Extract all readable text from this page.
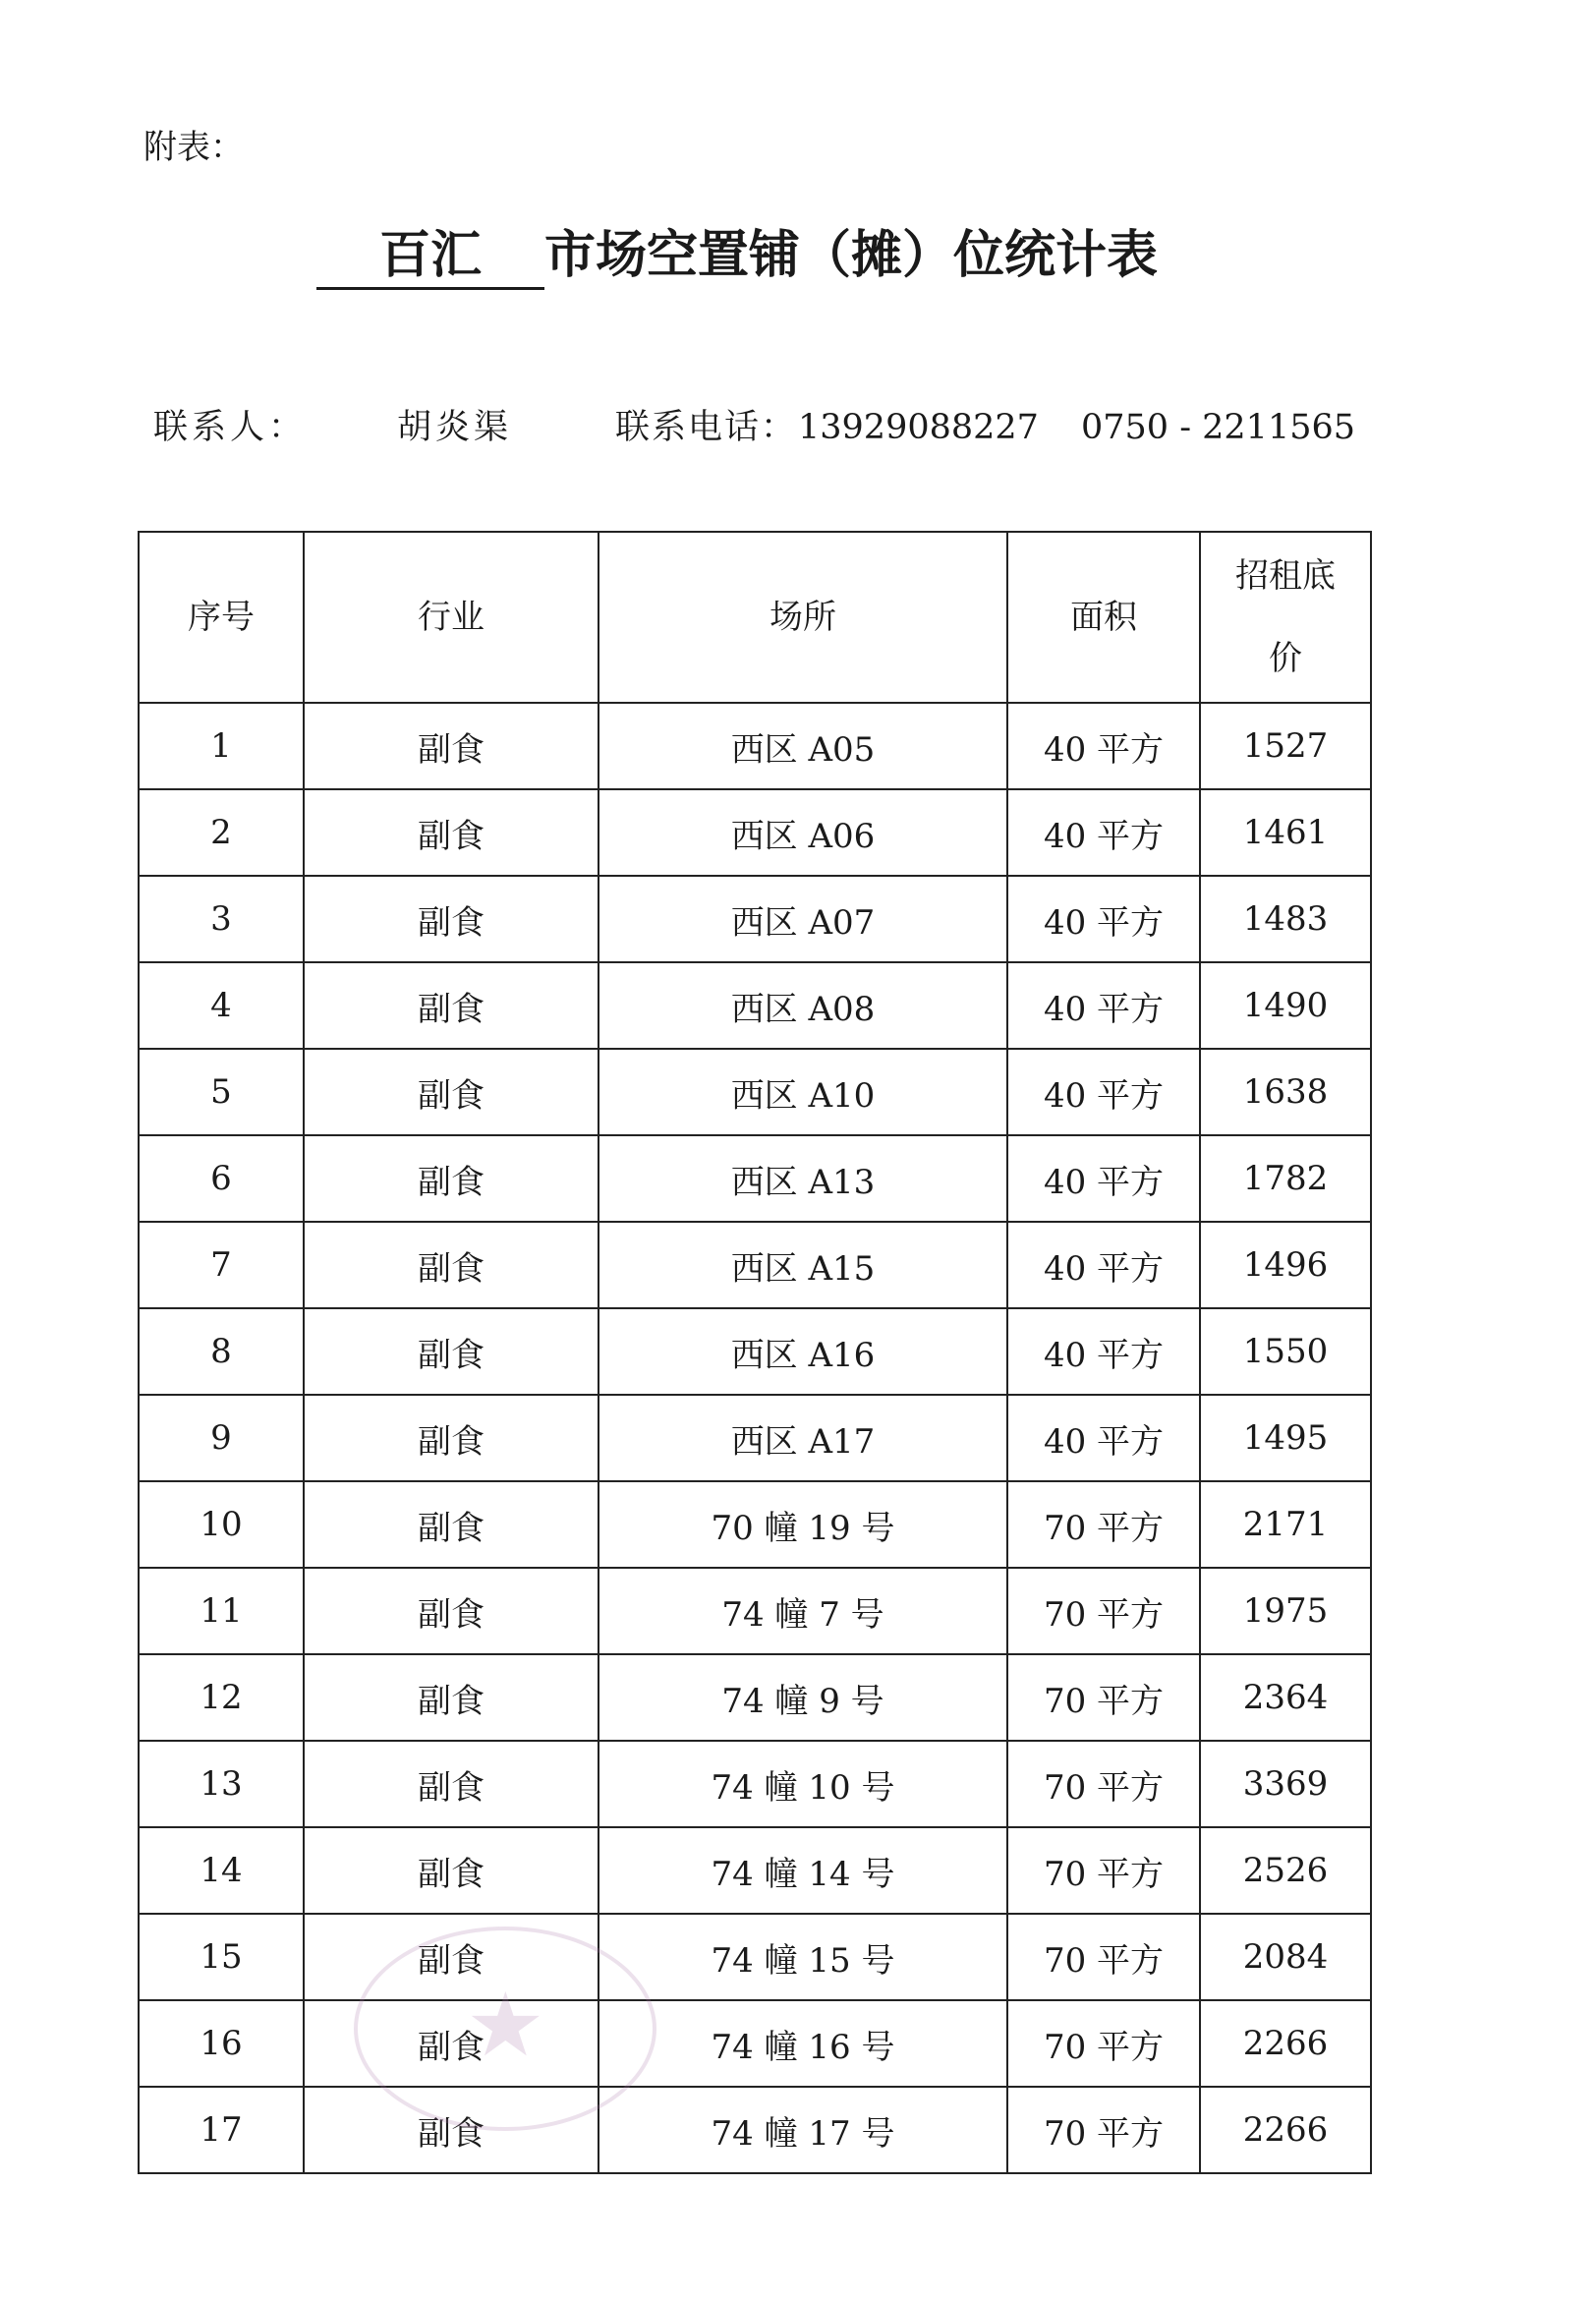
附表：
百汇 市场空置铺（摊）位统计表
联系人：	胡炎渠	联系电话： 13929088227 0750 - 2211565
序号	行业	场所	面积	招租底价
1	副食	西区 A05	40 平方	1527
2	副食	西区 A06	40 平方	1461
3	副食	西区 A07	40 平方	1483
4	副食	西区 A08	40 平方	1490
5	副食	西区 A10	40 平方	1638
6	副食	西区 A13	40 平方	1782
7	副食	西区 A15	40 平方	1496
8	副食	西区 A16	40 平方	1550
9	副食	西区 A17	40 平方	1495
10	副食	70 幢 19 号	70 平方	2171
11	副食	74 幢 7 号	70 平方	1975
12	副食	74 幢 9 号	70 平方	2364
13	副食	74 幢 10 号	70 平方	3369
14	副食	74 幢 14 号	70 平方	2526
15	副食	74 幢 15 号	70 平方	2084
16	副食	74 幢 16 号	70 平方	2266
17	副食	74 幢 17 号	70 平方	2266
★
